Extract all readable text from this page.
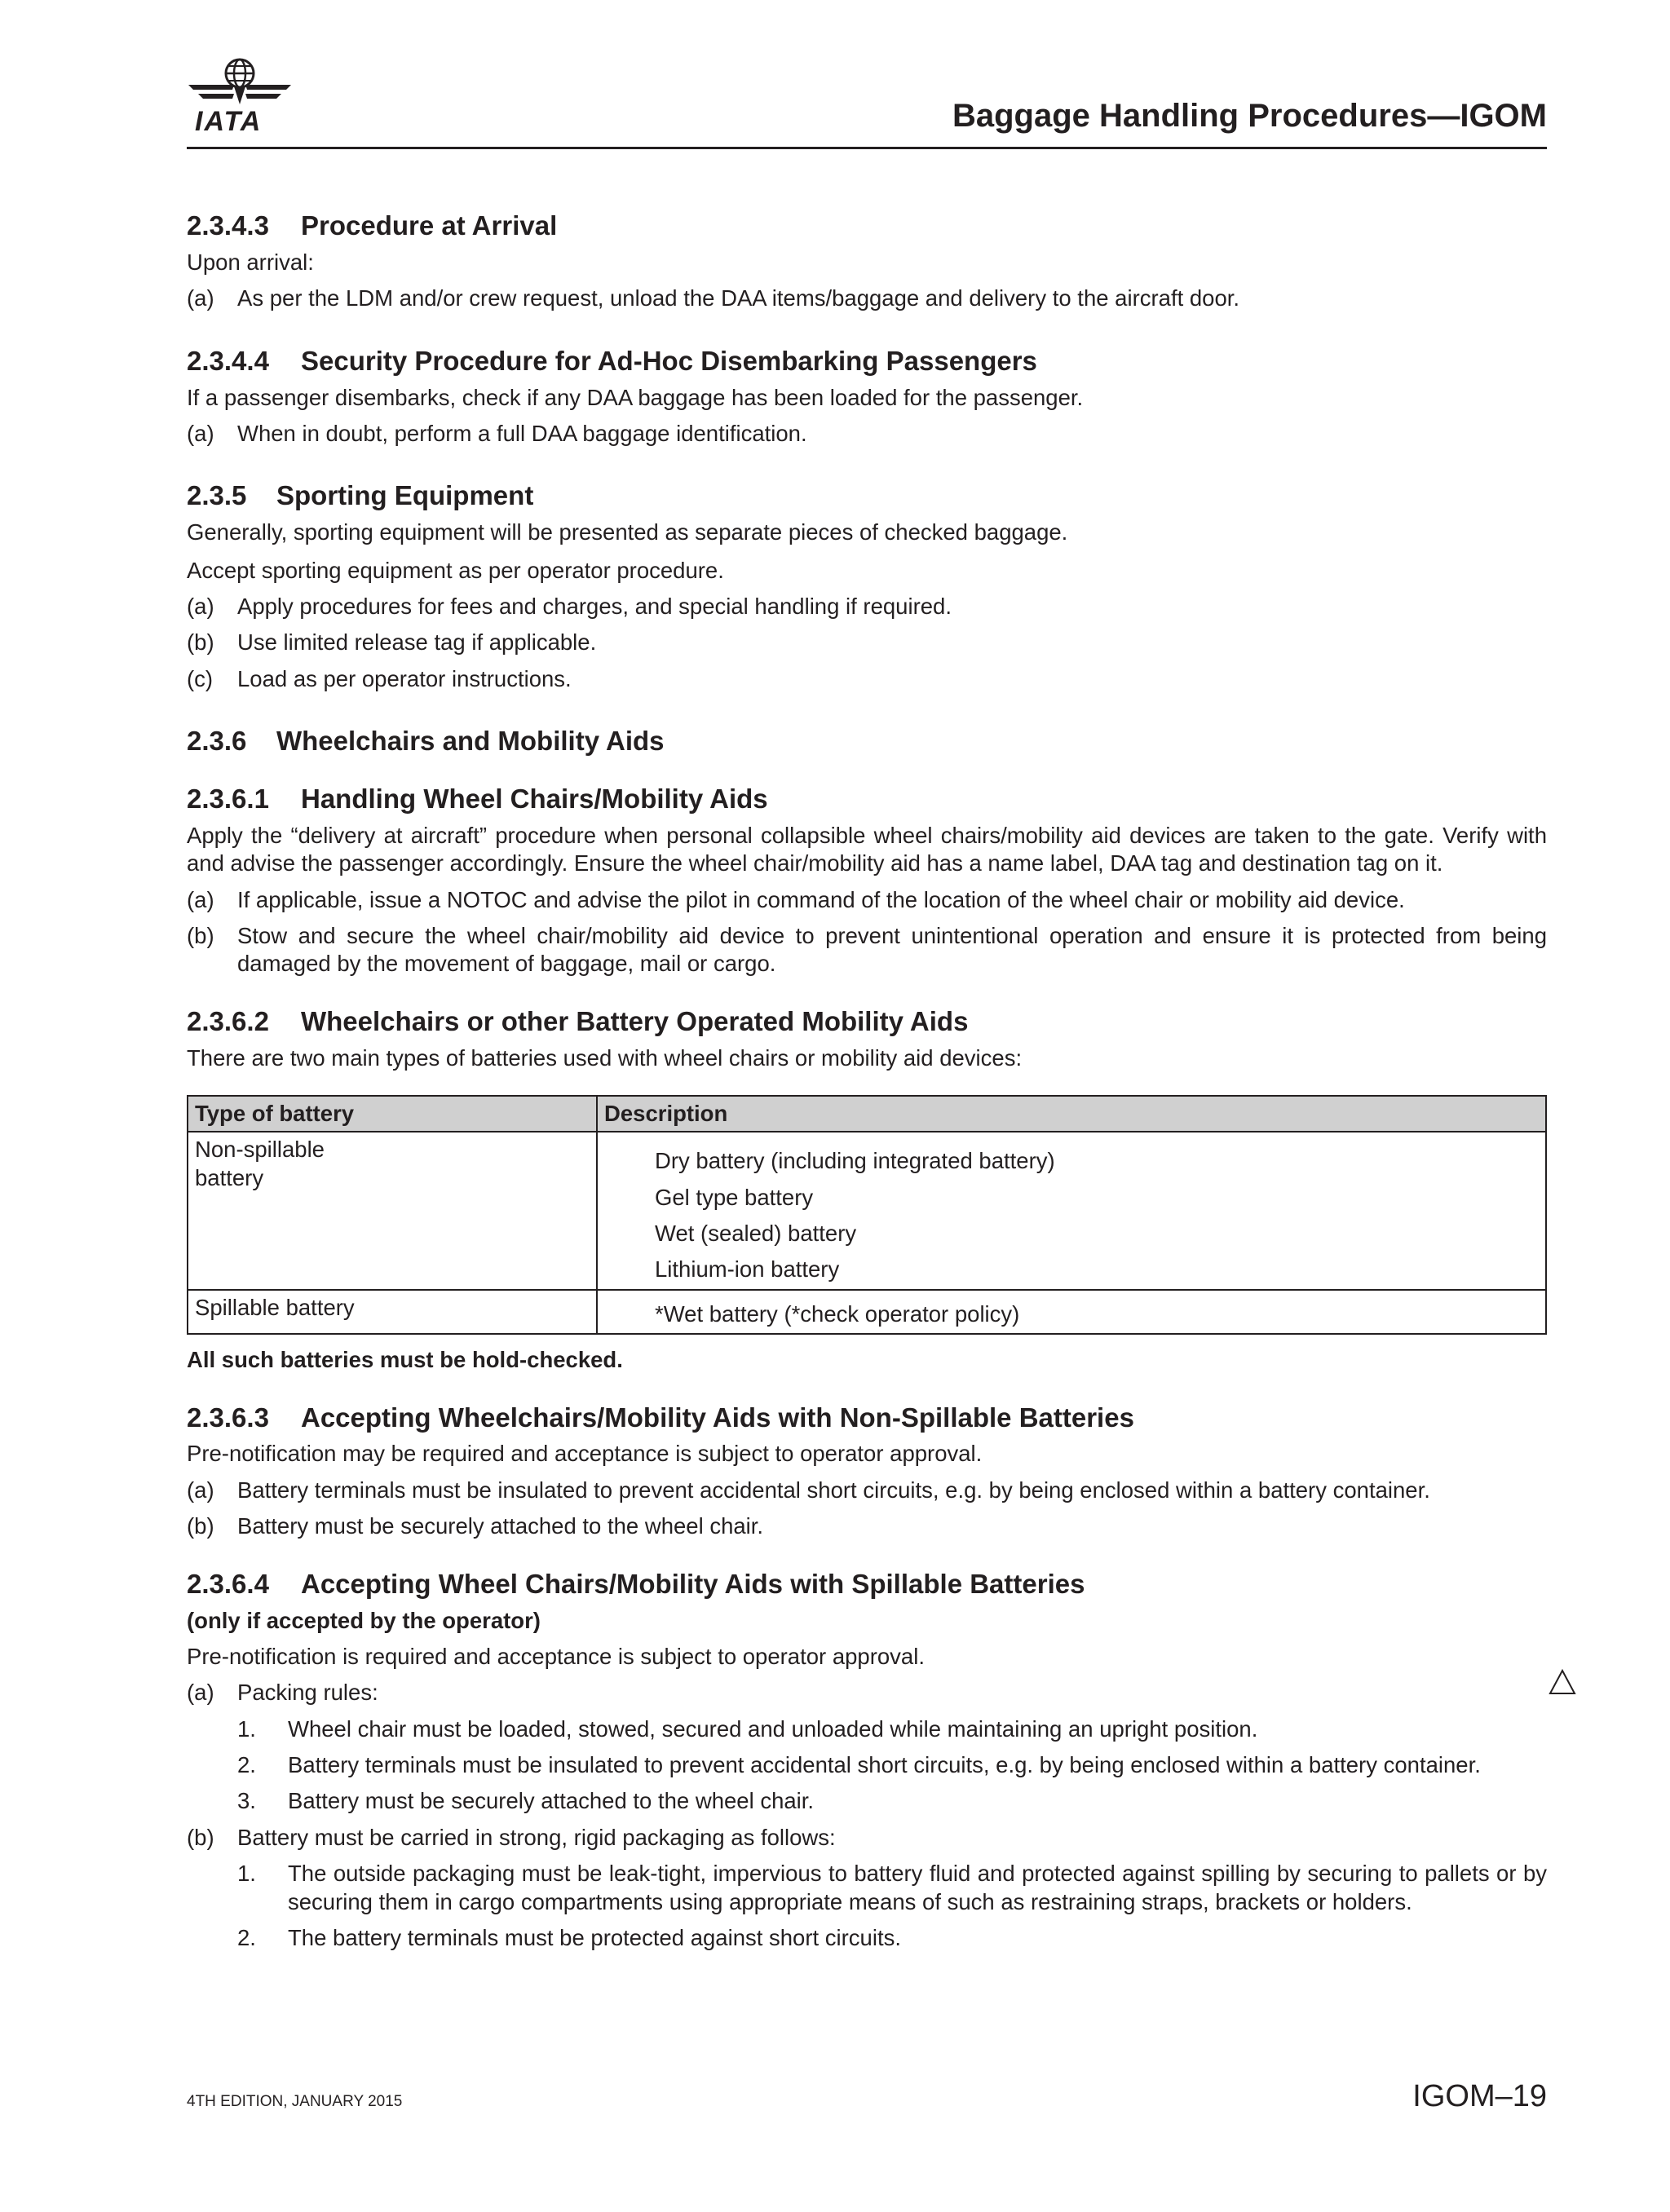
IATA	Baggage Handling Procedures—IGOM
2.3.4.3 Procedure at Arrival

Upon arrival:

(a)	As per the LDM and/or crew request, unload the DAA items/baggage and delivery to the aircraft door.
2.3.4.4 Security Procedure for Ad-Hoc Disembarking Passengers

If a passenger disembarks, check if any DAA baggage has been loaded for the passenger.

(a)	When in doubt, perform a full DAA baggage identification.
2.3.5 Sporting Equipment

Generally, sporting equipment will be presented as separate pieces of checked baggage.

Accept sporting equipment as per operator procedure.

(a)	Apply procedures for fees and charges, and special handling if required.
(b)	Use limited release tag if applicable.
(c)	Load as per operator instructions.
2.3.6 Wheelchairs and Mobility Aids
2.3.6.1 Handling Wheel Chairs/Mobility Aids

Apply the “delivery at aircraft” procedure when personal collapsible wheel chairs/mobility aid devices are taken to the gate. Verify with and advise the passenger accordingly. Ensure the wheel chair/mobility aid has a name label, DAA tag and destination tag on it.

(a)	If applicable, issue a NOTOC and advise the pilot in command of the location of the wheel chair or mobility aid device.
(b)	Stow and secure the wheel chair/mobility aid device to prevent unintentional operation and ensure it is protected from being damaged by the movement of baggage, mail or cargo.
2.3.6.2 Wheelchairs or other Battery Operated Mobility Aids

There are two main types of batteries used with wheel chairs or mobility aid devices:

Type of battery	Description

Non-spillable battery	Dry battery (including integrated battery)
Gel type battery
Wet (sealed) battery
Lithium-ion battery

Spillable battery	*Wet battery (*check operator policy)

All such batteries must be hold-checked.

2.3.6.3 Accepting Wheelchairs/Mobility Aids with Non-Spillable Batteries

Pre-notification may be required and acceptance is subject to operator approval.

(a)	Battery terminals must be insulated to prevent accidental short circuits, e.g. by being enclosed within a battery container.
(b)	Battery must be securely attached to the wheel chair.
2.3.6.4 Accepting Wheel Chairs/Mobility Aids with Spillable Batteries

(only if accepted by the operator)

Pre-notification is required and acceptance is subject to operator approval.

(a)	Packing rules:
1.	Wheel chair must be loaded, stowed, secured and unloaded while maintaining an upright position.
2.	Battery terminals must be insulated to prevent accidental short circuits, e.g. by being enclosed within a battery container.
3.	Battery must be securely attached to the wheel chair.
(b)	Battery must be carried in strong, rigid packaging as follows:
1.	The outside packaging must be leak-tight, impervious to battery fluid and protected against spilling by securing to pallets or by securing them in cargo compartments using appropriate means of such as restraining straps, brackets or holders.
2.	The battery terminals must be protected against short circuits.
4TH EDITION, JANUARY 2015	IGOM–19
